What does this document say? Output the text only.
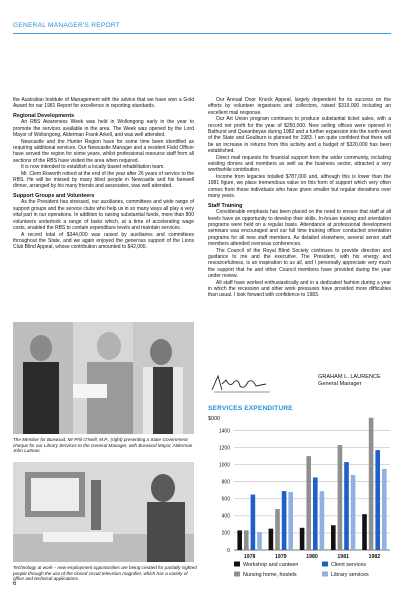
GENERAL MANAGER'S REPORT

the Australian Institute of Management with the advice that we have won a Gold Award for our 1981 Report for excellence in reporting standards.

Regional Developments

An RBS Awareness Week was held in Wollongong early in the year to promote the services available in the area. The Week was opened by the Lord Mayor of Wollongong, Alderman Frank Arkell, and was well attended.

Newcastle and the Hunter Region have for some time been identified as requiring additional services. Our Newcastle Manager and a resident Field Officer have served the region for some years, whilst professional resource staff from all sections of the RBS have visited the area when required.

It is now intended to establish a locally based rehabilitation team.

Mr. Clem Roworth retired at the end of the year after 26 years of service to the RBS. He will be missed by many blind people in Newcastle and his farewell dinner, arranged by his many friends and associates, was well attended.

Support Groups and Volunteers

As the President has stressed, our auxiliaries, committees and wide range of support groups and the service clubs who help us in so many ways all play a very vital part in our operations. In addition to raising substantial funds, more than 800 volunteers undertook a range of tasks which, at a time of accelerating wage costs, enabled the RBS to contain expenditure levels and maintain services.

A record total of $344,000 was raised by auxiliaries and committees throughout the State, and we again enjoyed the generous support of the Lions Club Blind Appeal, whose contribution amounted to $42,000.

Our Annual Door Knock Appeal, largely dependent for its success on the efforts by volunteer organisers and collectors, raised $319,000 including an excellent mail response.

Our Art Union program continues to produce substantial ticket sales, with a record net profit for the year of $250,000. New selling offices were opened in Bathurst and Queanbeyan during 1982 and a further expansion into the north-west of the State and Goulburn is planned for 1983. I am quite confident that there will be an increase in returns from this activity and a budget of $320,000 has been established.

Direct mail requests for financial support from the wider community, including existing donors and members as well as the business sector, attracted a very worthwhile contribution.

Income from legacies totalled $787,000 and, although this is lower than the 1981 figure, we place tremendous value on this form of support which very often comes from those individuals who have given smaller but regular donations over many years.

Staff Training

Considerable emphasis has been placed on the need to ensure that staff at all levels have an opportunity to develop their skills. In-house training and orientation programs were held on a regular basis. Attendance at professional development seminars was encouraged and our full time training officer conducted orientation programs for all new staff members. As detailed elsewhere, several senior staff members attended overseas conferences.

The Council of the Royal Blind Society continues to provide direction and guidance to me and the executive. The President, with his energy and resourcefulness, is an inspiration to us all, and I personally appreciate very much the support that he and other Council members have provided during the year under review.

All staff have worked enthusiastically and in a dedicated fashion during a year in which the recession and other work pressures have provided more difficulties than usual. I look forward with confidence to 1983.

The Member for Burwood, Mr Phil O'Neill, M.P., (right) presenting a State Government cheque for our Library Services to the General Manager, with Burwood Mayor, Alderman John Lutman.
Technology at work – new employment opportunities are being created for partially sighted people through the use of the closed circuit television magnifier, which has a variety of office and technical applications.
GRAHAM L. LAURENCE
General Manager
SERVICES EXPENDITURE
$000
0
200
400
600
800
1000
1200
1400
1978	1979	1980	1981	1982
Workshop and canteen
Nursing home, hostels
Client services
Library services
6
